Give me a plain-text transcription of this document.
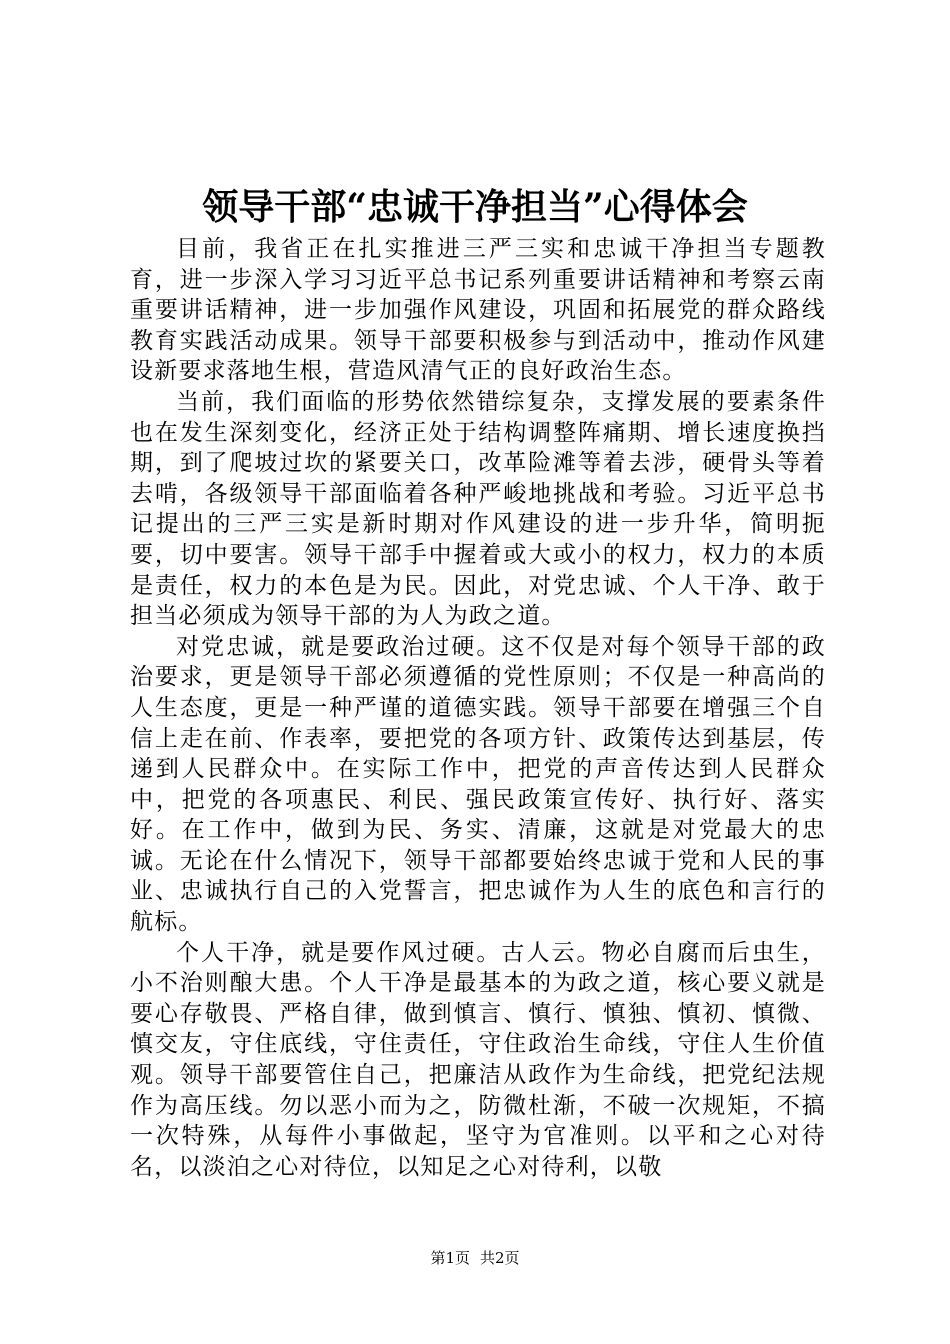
领导干部“忠诚干净担当”心得体会

目前，我省正在扎实推进三严三实和忠诚干净担当专题教育，进一步深入学习习近平总书记系列重要讲话精神和考察云南重要讲话精神，进一步加强作风建设，巩固和拓展党的群众路线教育实践活动成果。领导干部要积极参与到活动中，推动作风建设新要求落地生根，营造风清气正的良好政治生态。

当前，我们面临的形势依然错综复杂，支撑发展的要素条件也在发生深刻变化，经济正处于结构调整阵痛期、增长速度换挡期，到了爬坡过坎的紧要关口，改革险滩等着去涉，硬骨头等着去啃，各级领导干部面临着各种严峻地挑战和考验。习近平总书记提出的三严三实是新时期对作风建设的进一步升华，简明扼要，切中要害。领导干部手中握着或大或小的权力，权力的本质是责任，权力的本色是为民。因此，对党忠诚、个人干净、敢于担当必须成为领导干部的为人为政之道。

对党忠诚，就是要政治过硬。这不仅是对每个领导干部的政治要求，更是领导干部必须遵循的党性原则；不仅是一种高尚的人生态度，更是一种严谨的道德实践。领导干部要在增强三个自信上走在前、作表率，要把党的各项方针、政策传达到基层，传递到人民群众中。在实际工作中，把党的声音传达到人民群众中，把党的各项惠民、利民、强民政策宣传好、执行好、落实好。在工作中，做到为民、务实、清廉，这就是对党最大的忠诚。无论在什么情况下，领导干部都要始终忠诚于党和人民的事业、忠诚执行自己的入党誓言，把忠诚作为人生的底色和言行的航标。

个人干净，就是要作风过硬。古人云。物必自腐而后虫生，小不治则酿大患。个人干净是最基本的为政之道，核心要义就是要心存敬畏、严格自律，做到慎言、慎行、慎独、慎初、慎微、慎交友，守住底线，守住责任，守住政治生命线，守住人生价值观。领导干部要管住自己，把廉洁从政作为生命线，把党纪法规作为高压线。勿以恶小而为之，防微杜渐，不破一次规矩，不搞一次特殊，从每件小事做起，坚守为官准则。以平和之心对待名，以淡泊之心对待位，以知足之心对待利，以敬

第1页 共2页
